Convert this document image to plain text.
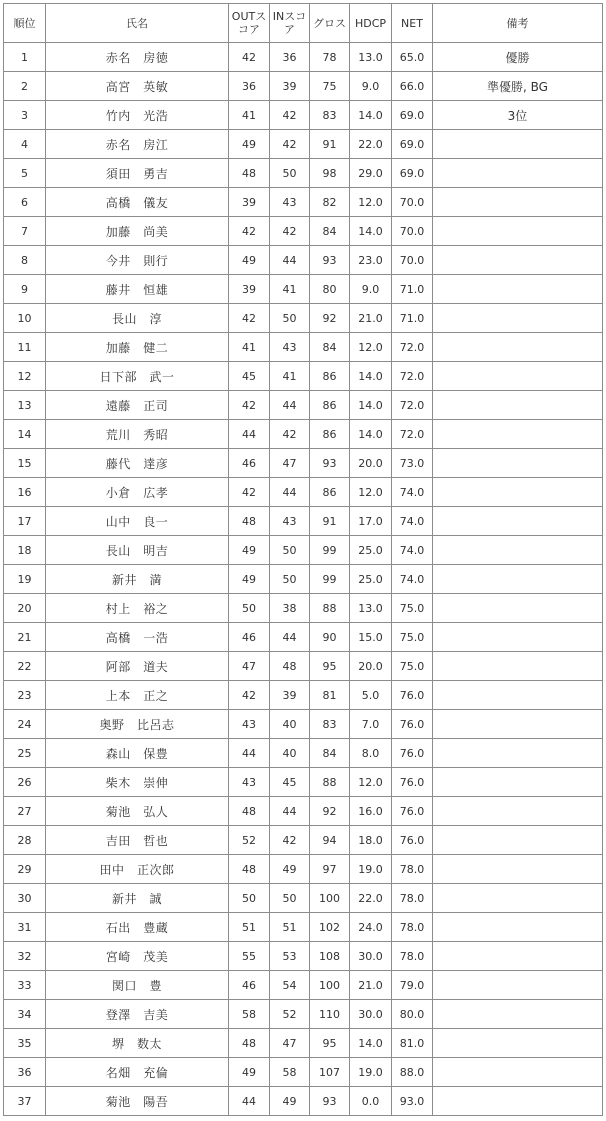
順位	氏名	OUTスコア	INスコア	グロス	HDCP	NET	備考
1	赤名　房徳	42	36	78	13.0	65.0	優勝
2	高宮　英敏	36	39	75	9.0	66.0	準優勝, BG
3	竹内　光浩	41	42	83	14.0	69.0	3位
4	赤名　房江	49	42	91	22.0	69.0	
5	須田　勇吉	48	50	98	29.0	69.0	
6	高橋　儀友	39	43	82	12.0	70.0	
7	加藤　尚美	42	42	84	14.0	70.0	
8	今井　則行	49	44	93	23.0	70.0	
9	藤井　恒雄	39	41	80	9.0	71.0	
10	長山　淳	42	50	92	21.0	71.0	
11	加藤　健二	41	43	84	12.0	72.0	
12	日下部　武一	45	41	86	14.0	72.0	
13	遠藤　正司	42	44	86	14.0	72.0	
14	荒川　秀昭	44	42	86	14.0	72.0	
15	藤代　達彦	46	47	93	20.0	73.0	
16	小倉　広孝	42	44	86	12.0	74.0	
17	山中　良一	48	43	91	17.0	74.0	
18	長山　明吉	49	50	99	25.0	74.0	
19	新井　満	49	50	99	25.0	74.0	
20	村上　裕之	50	38	88	13.0	75.0	
21	高橋　一浩	46	44	90	15.0	75.0	
22	阿部　道夫	47	48	95	20.0	75.0	
23	上本　正之	42	39	81	5.0	76.0	
24	奥野　比呂志	43	40	83	7.0	76.0	
25	森山　保豊	44	40	84	8.0	76.0	
26	柴木　崇伸	43	45	88	12.0	76.0	
27	菊池　弘人	48	44	92	16.0	76.0	
28	吉田　哲也	52	42	94	18.0	76.0	
29	田中　正次郎	48	49	97	19.0	78.0	
30	新井　誠	50	50	100	22.0	78.0	
31	石出　豊蔵	51	51	102	24.0	78.0	
32	宮崎　茂美	55	53	108	30.0	78.0	
33	関口　豊	46	54	100	21.0	79.0	
34	登澤　吉美	58	52	110	30.0	80.0	
35	堺　数太	48	47	95	14.0	81.0	
36	名畑　充倫	49	58	107	19.0	88.0	
37	菊池　陽吾	44	49	93	0.0	93.0	
